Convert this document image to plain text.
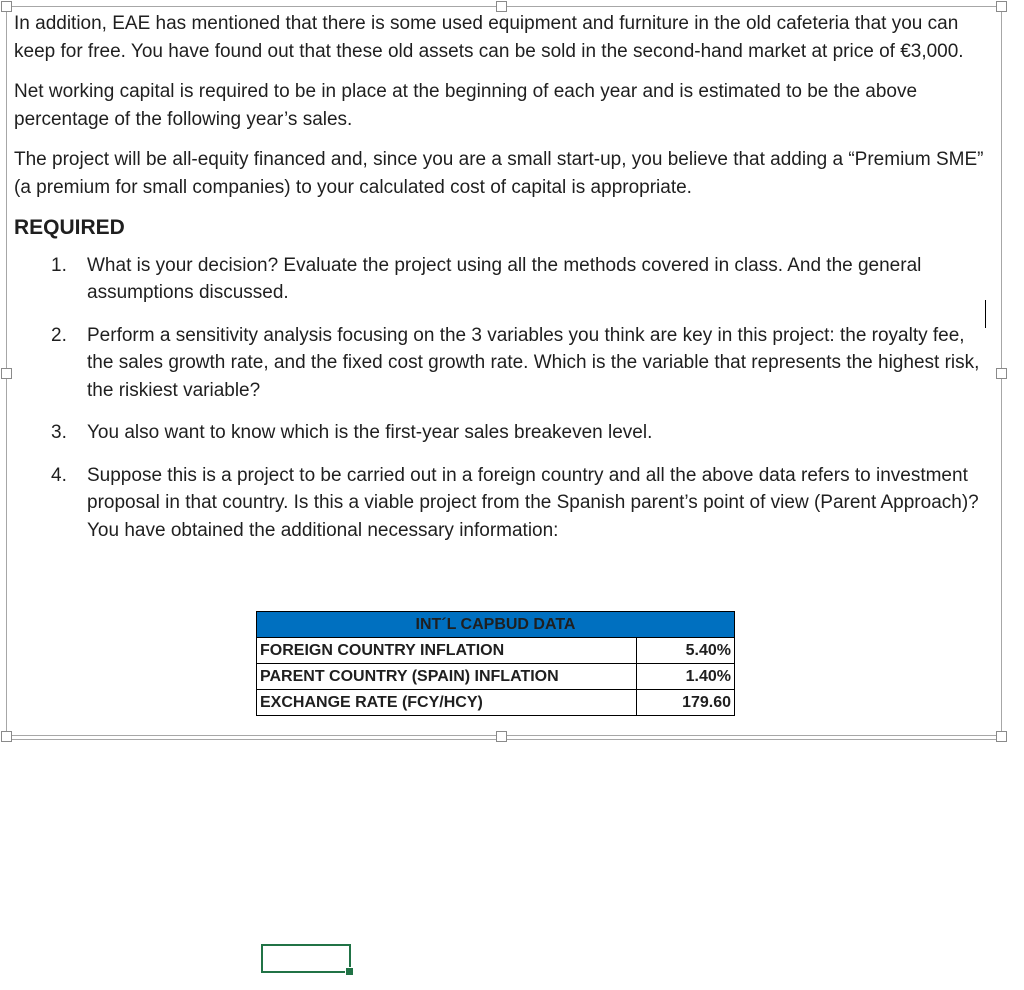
In addition, EAE has mentioned that there is some used equipment and furniture in the old cafeteria that you can keep for free. You have found out that these old assets can be sold in the second-hand market at price of €3,000.

Net working capital is required to be in place at the beginning of each year and is estimated to be the above percentage of the following year’s sales.

The project will be all-equity financed and, since you are a small start-up, you believe that adding a “Premium SME” (a premium for small companies) to your calculated cost of capital is appropriate.

REQUIRED
1. What is your decision? Evaluate the project using all the methods covered in class. And the general assumptions discussed.
2. Perform a sensitivity analysis focusing on the 3 variables you think are key in this project: the royalty fee, the sales growth rate, and the fixed cost growth rate. Which is the variable that represents the highest risk, the riskiest variable?
3. You also want to know which is the first-year sales breakeven level.
4. Suppose this is a project to be carried out in a foreign country and all the above data refers to investment proposal in that country. Is this a viable project from the Spanish parent’s point of view (Parent Approach)? You have obtained the additional necessary information:
INT´L CAPBUD DATA	
FOREIGN COUNTRY INFLATION	5.40%
PARENT COUNTRY (SPAIN) INFLATION	1.40%
EXCHANGE RATE (FCY/HCY)	179.60
